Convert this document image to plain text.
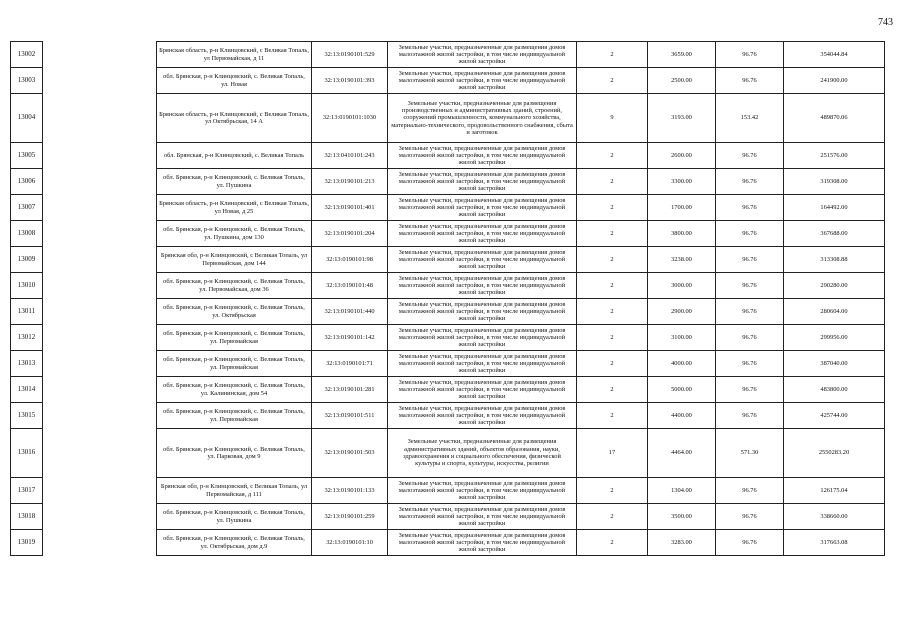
743
13002		Брянская область, р-н Клинцовский, с Великая Топаль, ул Первомайская, д 11	32:13:0190101:529	Земельные участки, предназначенные для размещения домов малоэтажной жилой застройки, в том числе индивидуальной жилой застройки	2	3659.00	96.76	354044.84
13003		обл. Брянская, р-н Клинцовский, с. Великая Топаль, ул. Новая	32:13:0190101:393	Земельные участки, предназначенные для размещения домов малоэтажной жилой застройки, в том числе индивидуальной жилой застройки	2	2500.00	96.76	241900.00
13004		Брянская область, р-н Клинцовский, с Великая Топаль, ул Октябрьская, 14 А	32:13:0190101:1030	Земельные участки, предназначенные для размещения производственных и административных зданий, строений, сооружений промышленности, коммунального хозяйства, материально-технического, продовольственного снабжения, сбыта и заготовок	9	3193.00	153.42	489870.06
13005		обл. Брянская, р-н Клинцовский, с. Великая Топаль	32:13:0410101:243	Земельные участки, предназначенные для размещения домов малоэтажной жилой застройки, в том числе индивидуальной жилой застройки	2	2600.00	96.76	251576.00
13006		обл. Брянская, р-н Клинцовский, с. Великая Топаль, ул. Пушкина	32:13:0190101:213	Земельные участки, предназначенные для размещения домов малоэтажной жилой застройки, в том числе индивидуальной жилой застройки	2	3300.00	96.76	319308.00
13007		Брянская область, р-н Клинцовский, с Великая Топаль, ул Новая, д 25	32:13:0190101:401	Земельные участки, предназначенные для размещения домов малоэтажной жилой застройки, в том числе индивидуальной жилой застройки	2	1700.00	96.76	164492.00
13008		обл. Брянская, р-н Клинцовский, с. Великая Топаль, ул. Пушкина, дом 130	32:13:0190101:204	Земельные участки, предназначенные для размещения домов малоэтажной жилой застройки, в том числе индивидуальной жилой застройки	2	3800.00	96.76	367688.00
13009		Брянская обл, р-н Клинцовский, с Великая Топаль, ул Первомайская, дом 144	32:13:0190101:98	Земельные участки, предназначенные для размещения домов малоэтажной жилой застройки, в том числе индивидуальной жилой застройки	2	3238.00	96.76	313308.88
13010		обл. Брянская, р-н Клинцовский, с. Великая Топаль, ул. Первомайская, дом 36	32:13:0190101:48	Земельные участки, предназначенные для размещения домов малоэтажной жилой застройки, в том числе индивидуальной жилой застройки	2	3000.00	96.76	290280.00
13011		обл. Брянская, р-н Клинцовский, с. Великая Топаль, ул. Октябрьская	32:13:0190101:440	Земельные участки, предназначенные для размещения домов малоэтажной жилой застройки, в том числе индивидуальной жилой застройки	2	2900.00	96.76	280604.00
13012		обл. Брянская, р-н Клинцовский, с. Великая Топаль, ул. Первомайская	32:13:0190101:142	Земельные участки, предназначенные для размещения домов малоэтажной жилой застройки, в том числе индивидуальной жилой застройки	2	3100.00	96.76	299956.00
13013		обл. Брянская, р-н Клинцовский, с. Великая Топаль, ул. Первомайская	32:13:0190101:71	Земельные участки, предназначенные для размещения домов малоэтажной жилой застройки, в том числе индивидуальной жилой застройки	2	4000.00	96.76	387040.00
13014		обл. Брянская, р-н Клинцовский, с. Великая Топаль, ул. Калининская, дом 54	32:13:0190101:281	Земельные участки, предназначенные для размещения домов малоэтажной жилой застройки, в том числе индивидуальной жилой застройки	2	5000.00	96.76	483800.00
13015		обл. Брянская, р-н Клинцовский, с. Великая Топаль, ул. Первомайская	32:13:0190101:511	Земельные участки, предназначенные для размещения домов малоэтажной жилой застройки, в том числе индивидуальной жилой застройки	2	4400.00	96.76	425744.00
13016		обл. Брянская, р-н Клинцовский, с. Великая Топаль, ул. Парковая, дом 9	32:13:0190101:503	Земельные участки, предназначенные для размещения административных зданий, объектов образования, науки, здравоохранения и социального обеспечения, физической культуры и спорта, культуры, искусства, религии	17	4464.00	571.30	2550283.20
13017		Брянская обл, р-н Клинцовский, с Великая Топаль, ул Первомайская, д 111	32:13:0190101:133	Земельные участки, предназначенные для размещения домов малоэтажной жилой застройки, в том числе индивидуальной жилой застройки	2	1304.00	96.76	126175.04
13018		обл. Брянская, р-н Клинцовский, с. Великая Топаль, ул. Пушкина	32:13:0190101:259	Земельные участки, предназначенные для размещения домов малоэтажной жилой застройки, в том числе индивидуальной жилой застройки	2	3500.00	96.76	338660.00
13019		обл. Брянская, р-н Клинцовский, с. Великая Топаль, ул. Октябрьская, дом д.9	32:13:0190101:10	Земельные участки, предназначенные для размещения домов малоэтажной жилой застройки, в том числе индивидуальной жилой застройки	2	3283.00	96.76	317663.08
